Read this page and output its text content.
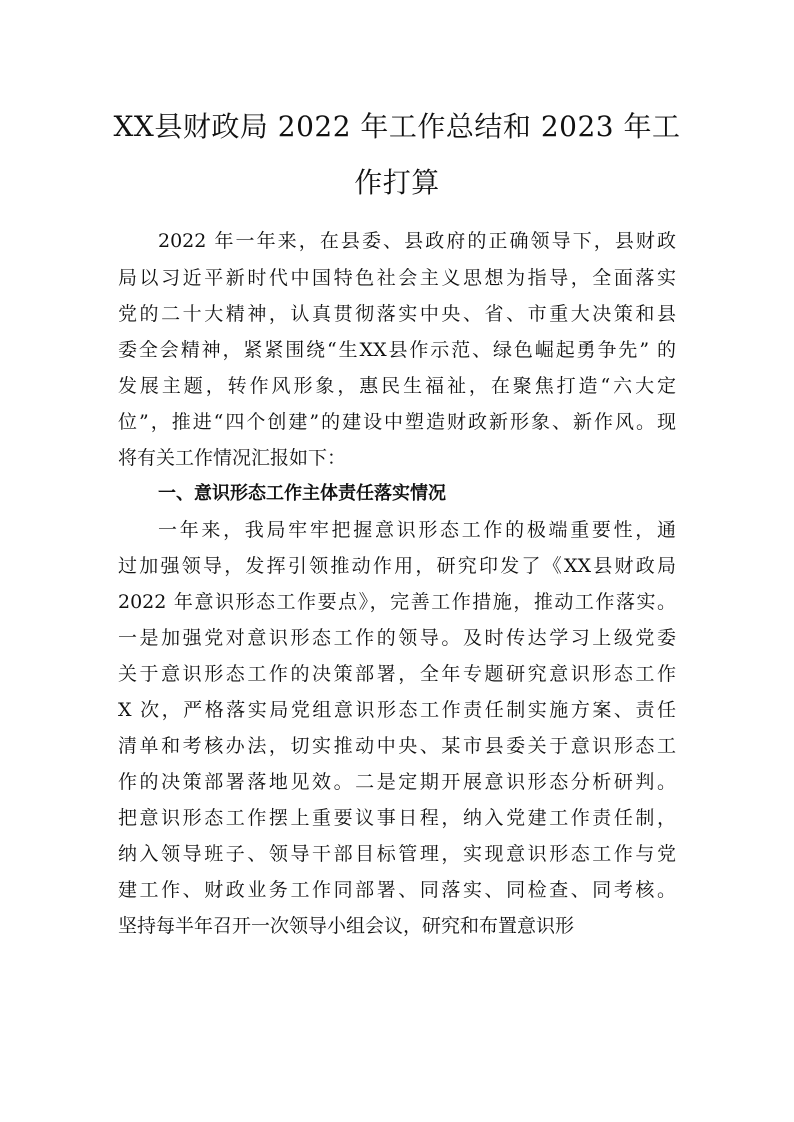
XX县财政局 2022 年工作总结和 2023 年工
作打算

2022 年一年来，在县委、县政府的正确领导下，县财政

局以习近平新时代中国特色社会主义思想为指导，全面落实

党的二十大精神，认真贯彻落实中央、省、市重大决策和县

委全会精神，紧紧围绕“生XX县作示范、绿色崛起勇争先” 的

发展主题，转作风形象，惠民生福祉，在聚焦打造“六大定

位”，推进“四个创建”的建设中塑造财政新形象、新作风。现

将有关工作情况汇报如下：

一、意识形态工作主体责任落实情况

一年来，我局牢牢把握意识形态工作的极端重要性，通

过加强领导，发挥引领推动作用，研究印发了《XX县财政局

2022 年意识形态工作要点》，完善工作措施，推动工作落实。

一是加强党对意识形态工作的领导。及时传达学习上级党委

关于意识形态工作的决策部署，全年专题研究意识形态工作

X 次，严格落实局党组意识形态工作责任制实施方案、责任

清单和考核办法，切实推动中央、某市县委关于意识形态工

作的决策部署落地见效。二是定期开展意识形态分析研判。

把意识形态工作摆上重要议事日程，纳入党建工作责任制，

纳入领导班子、领导干部目标管理，实现意识形态工作与党

建工作、财政业务工作同部署、同落实、同检查、同考核。

坚持每半年召开一次领导小组会议，研究和布置意识形
